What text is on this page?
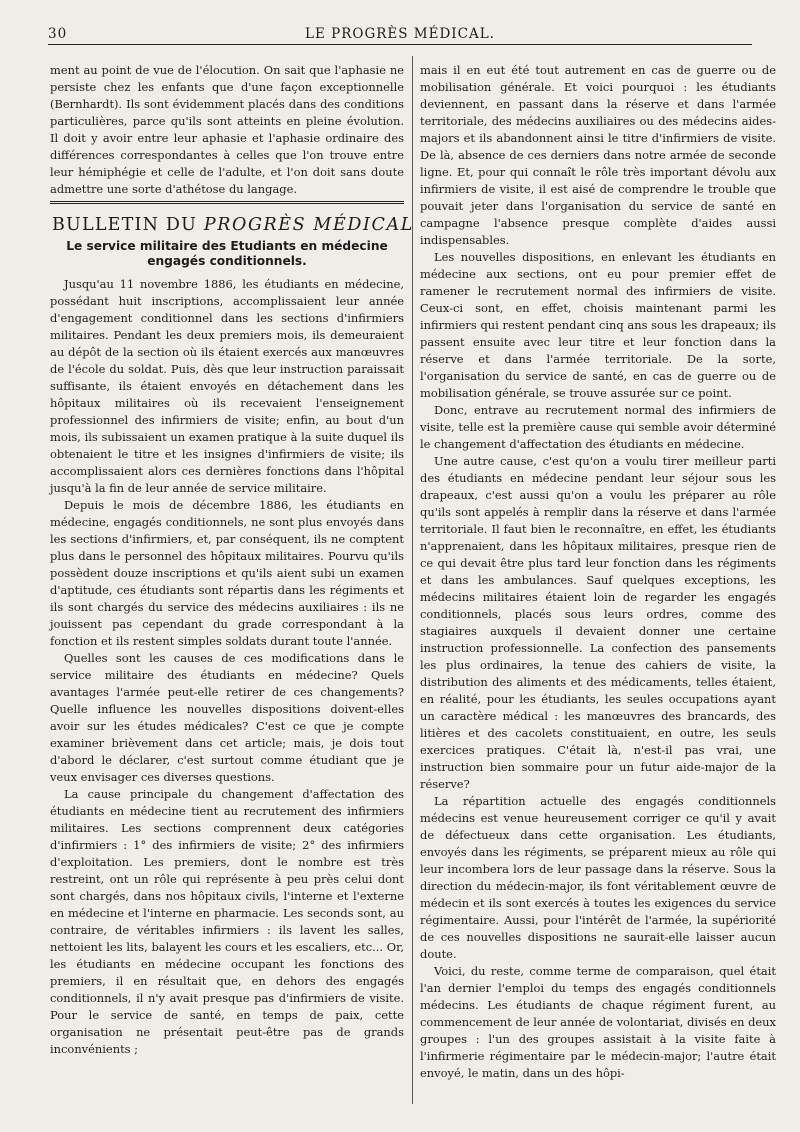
30	LE PROGRÈS MÉDICAL.

ment au point de vue de l'élocution. On sait que l'aphasie ne persiste chez les enfants que d'une façon exceptionnelle (Bernhardt). Ils sont évidemment placés dans des conditions particulières, parce qu'ils sont atteints en pleine évolution. Il doit y avoir entre leur aphasie et l'aphasie ordinaire des différences correspondantes à celles que l'on trouve entre leur hémiphégie et celle de l'adulte, et l'on doit sans doute admettre une sorte d'athétose du langage.

BULLETIN DU PROGRÈS MÉDICAL
Le service militaire des Etudiants en médecine
engagés conditionnels.

Jusqu'au 11 novembre 1886, les étudiants en médecine, possédant huit inscriptions, accomplissaient leur année d'engagement conditionnel dans les sections d'infirmiers militaires. Pendant les deux premiers mois, ils demeuraient au dépôt de la section où ils étaient exercés aux manœuvres de l'école du soldat. Puis, dès que leur instruction paraissait suffisante, ils étaient envoyés en détachement dans les hôpitaux militaires où ils recevaient l'enseignement professionnel des infirmiers de visite; enfin, au bout d'un mois, ils subissaient un examen pratique à la suite duquel ils obtenaient le titre et les insignes d'infirmiers de visite; ils accomplissaient alors ces dernières fonctions dans l'hôpital jusqu'à la fin de leur année de service militaire.

Depuis le mois de décembre 1886, les étudiants en médecine, engagés conditionnels, ne sont plus envoyés dans les sections d'infirmiers, et, par conséquent, ils ne comptent plus dans le personnel des hôpitaux militaires. Pourvu qu'ils possèdent douze inscriptions et qu'ils aient subi un examen d'aptitude, ces étudiants sont répartis dans les régiments et ils sont chargés du service des médecins auxiliaires : ils ne jouissent pas cependant du grade correspondant à la fonction et ils restent simples soldats durant toute l'année.

Quelles sont les causes de ces modifications dans le service militaire des étudiants en médecine? Quels avantages l'armée peut-elle retirer de ces changements? Quelle influence les nouvelles dispositions doivent-elles avoir sur les études médicales? C'est ce que je compte examiner brièvement dans cet article; mais, je dois tout d'abord le déclarer, c'est surtout comme étudiant que je veux envisager ces diverses questions.

La cause principale du changement d'affectation des étudiants en médecine tient au recrutement des infirmiers militaires. Les sections comprennent deux catégories d'infirmiers : 1° des infirmiers de visite; 2° des infirmiers d'exploitation. Les premiers, dont le nombre est très restreint, ont un rôle qui représente à peu près celui dont sont chargés, dans nos hôpitaux civils, l'interne et l'externe en médecine et l'interne en pharmacie. Les seconds sont, au contraire, de véritables infirmiers : ils lavent les salles, nettoient les lits, balayent les cours et les escaliers, etc... Or, les étudiants en médecine occupant les fonctions des premiers, il en résultait que, en dehors des engagés conditionnels, il n'y avait presque pas d'infirmiers de visite. Pour le service de santé, en temps de paix, cette organisation ne présentait peut-être pas de grands inconvénients ;

mais il en eut été tout autrement en cas de guerre ou de mobilisation générale. Et voici pourquoi : les étudiants deviennent, en passant dans la réserve et dans l'armée territoriale, des médecins auxiliaires ou des médecins aides-majors et ils abandonnent ainsi le titre d'infirmiers de visite. De là, absence de ces derniers dans notre armée de seconde ligne. Et, pour qui connaît le rôle très important dévolu aux infirmiers de visite, il est aisé de comprendre le trouble que pouvait jeter dans l'organisation du service de santé en campagne l'absence presque complète d'aides aussi indispensables.

Les nouvelles dispositions, en enlevant les étudiants en médecine aux sections, ont eu pour premier effet de ramener le recrutement normal des infirmiers de visite. Ceux-ci sont, en effet, choisis maintenant parmi les infirmiers qui restent pendant cinq ans sous les drapeaux; ils passent ensuite avec leur titre et leur fonction dans la réserve et dans l'armée territoriale. De la sorte, l'organisation du service de santé, en cas de guerre ou de mobilisation générale, se trouve assurée sur ce point.

Donc, entrave au recrutement normal des infirmiers de visite, telle est la première cause qui semble avoir déterminé le changement d'affectation des étudiants en médecine.

Une autre cause, c'est qu'on a voulu tirer meilleur parti des étudiants en médecine pendant leur séjour sous les drapeaux, c'est aussi qu'on a voulu les préparer au rôle qu'ils sont appelés à remplir dans la réserve et dans l'armée territoriale. Il faut bien le reconnaître, en effet, les étudiants n'apprenaient, dans les hôpitaux militaires, presque rien de ce qui devait être plus tard leur fonction dans les régiments et dans les ambulances. Sauf quelques exceptions, les médecins militaires étaient loin de regarder les engagés conditionnels, placés sous leurs ordres, comme des stagiaires auxquels il devaient donner une certaine instruction professionnelle. La confection des pansements les plus ordinaires, la tenue des cahiers de visite, la distribution des aliments et des médicaments, telles étaient, en réalité, pour les étudiants, les seules occupations ayant un caractère médical : les manœuvres des brancards, des litières et des cacolets constituaient, en outre, les seuls exercices pratiques. C'était là, n'est-il pas vrai, une instruction bien sommaire pour un futur aide-major de la réserve?

La répartition actuelle des engagés conditionnels médecins est venue heureusement corriger ce qu'il y avait de défectueux dans cette organisation. Les étudiants, envoyés dans les régiments, se préparent mieux au rôle qui leur incombera lors de leur passage dans la réserve. Sous la direction du médecin-major, ils font véritablement œuvre de médecin et ils sont exercés à toutes les exigences du service régimentaire. Aussi, pour l'intérêt de l'armée, la supériorité de ces nouvelles dispositions ne saurait-elle laisser aucun doute.

Voici, du reste, comme terme de comparaison, quel était l'an dernier l'emploi du temps des engagés conditionnels médecins. Les étudiants de chaque régiment furent, au commencement de leur année de volontariat, divisés en deux groupes : l'un des groupes assistait à la visite faite à l'infirmerie régimentaire par le médecin-major; l'autre était envoyé, le matin, dans un des hôpi-
